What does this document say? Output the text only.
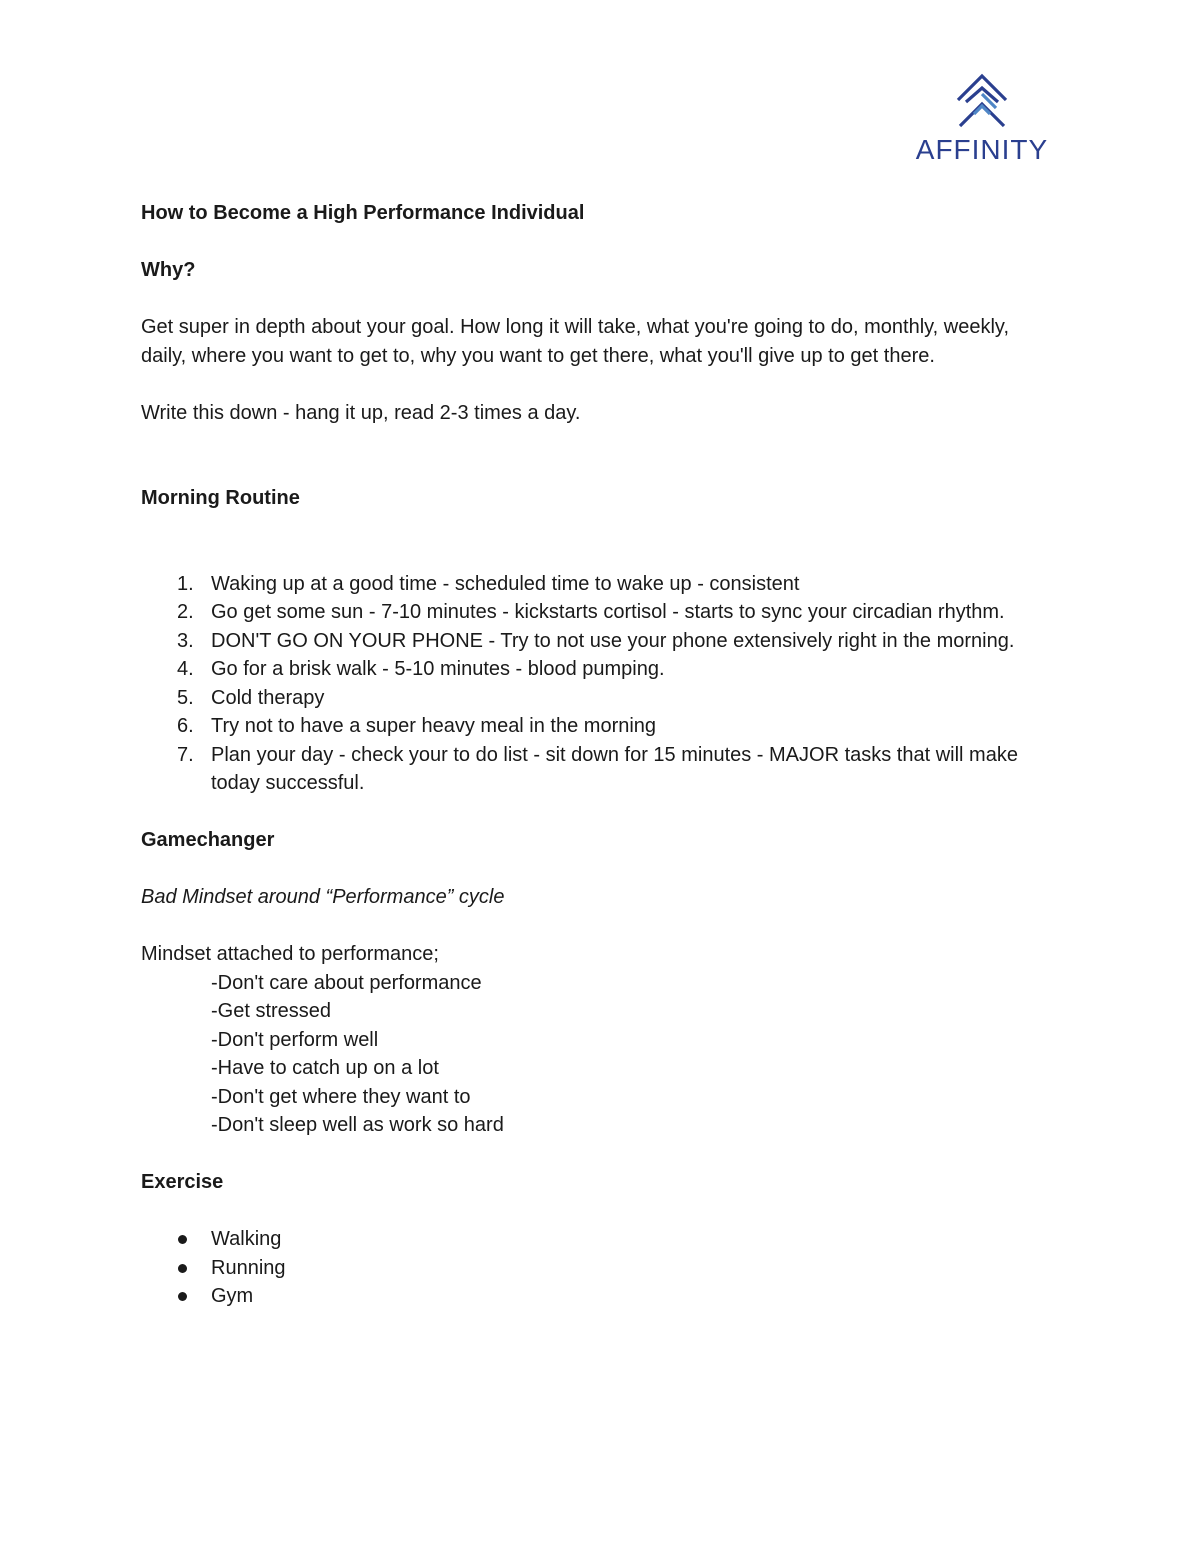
AFFINITY

How to Become a High Performance Individual

Why?

Get super in depth about your goal. How long it will take, what you're going to do, monthly, weekly, daily, where you want to get to, why you want to get there, what you'll give up to get there.

Write this down - hang it up, read 2-3 times a day.

Morning Routine

1. Waking up at a good time - scheduled time to wake up - consistent
2. Go get some sun - 7-10 minutes - kickstarts cortisol - starts to sync your circadian rhythm.
3. DON'T GO ON YOUR PHONE - Try to not use your phone extensively right in the morning.
4. Go for a brisk walk - 5-10 minutes - blood pumping.
5. Cold therapy
6. Try not to have a super heavy meal in the morning
7. Plan your day - check your to do list - sit down for 15 minutes - MAJOR tasks that will make today successful.

Gamechanger

Bad Mindset around “Performance” cycle

Mindset attached to performance;

-Don't care about performance

-Get stressed

-Don't perform well

-Have to catch up on a lot

-Don't get where they want to

-Don't sleep well as work so hard

Exercise

Walking
Running
Gym
